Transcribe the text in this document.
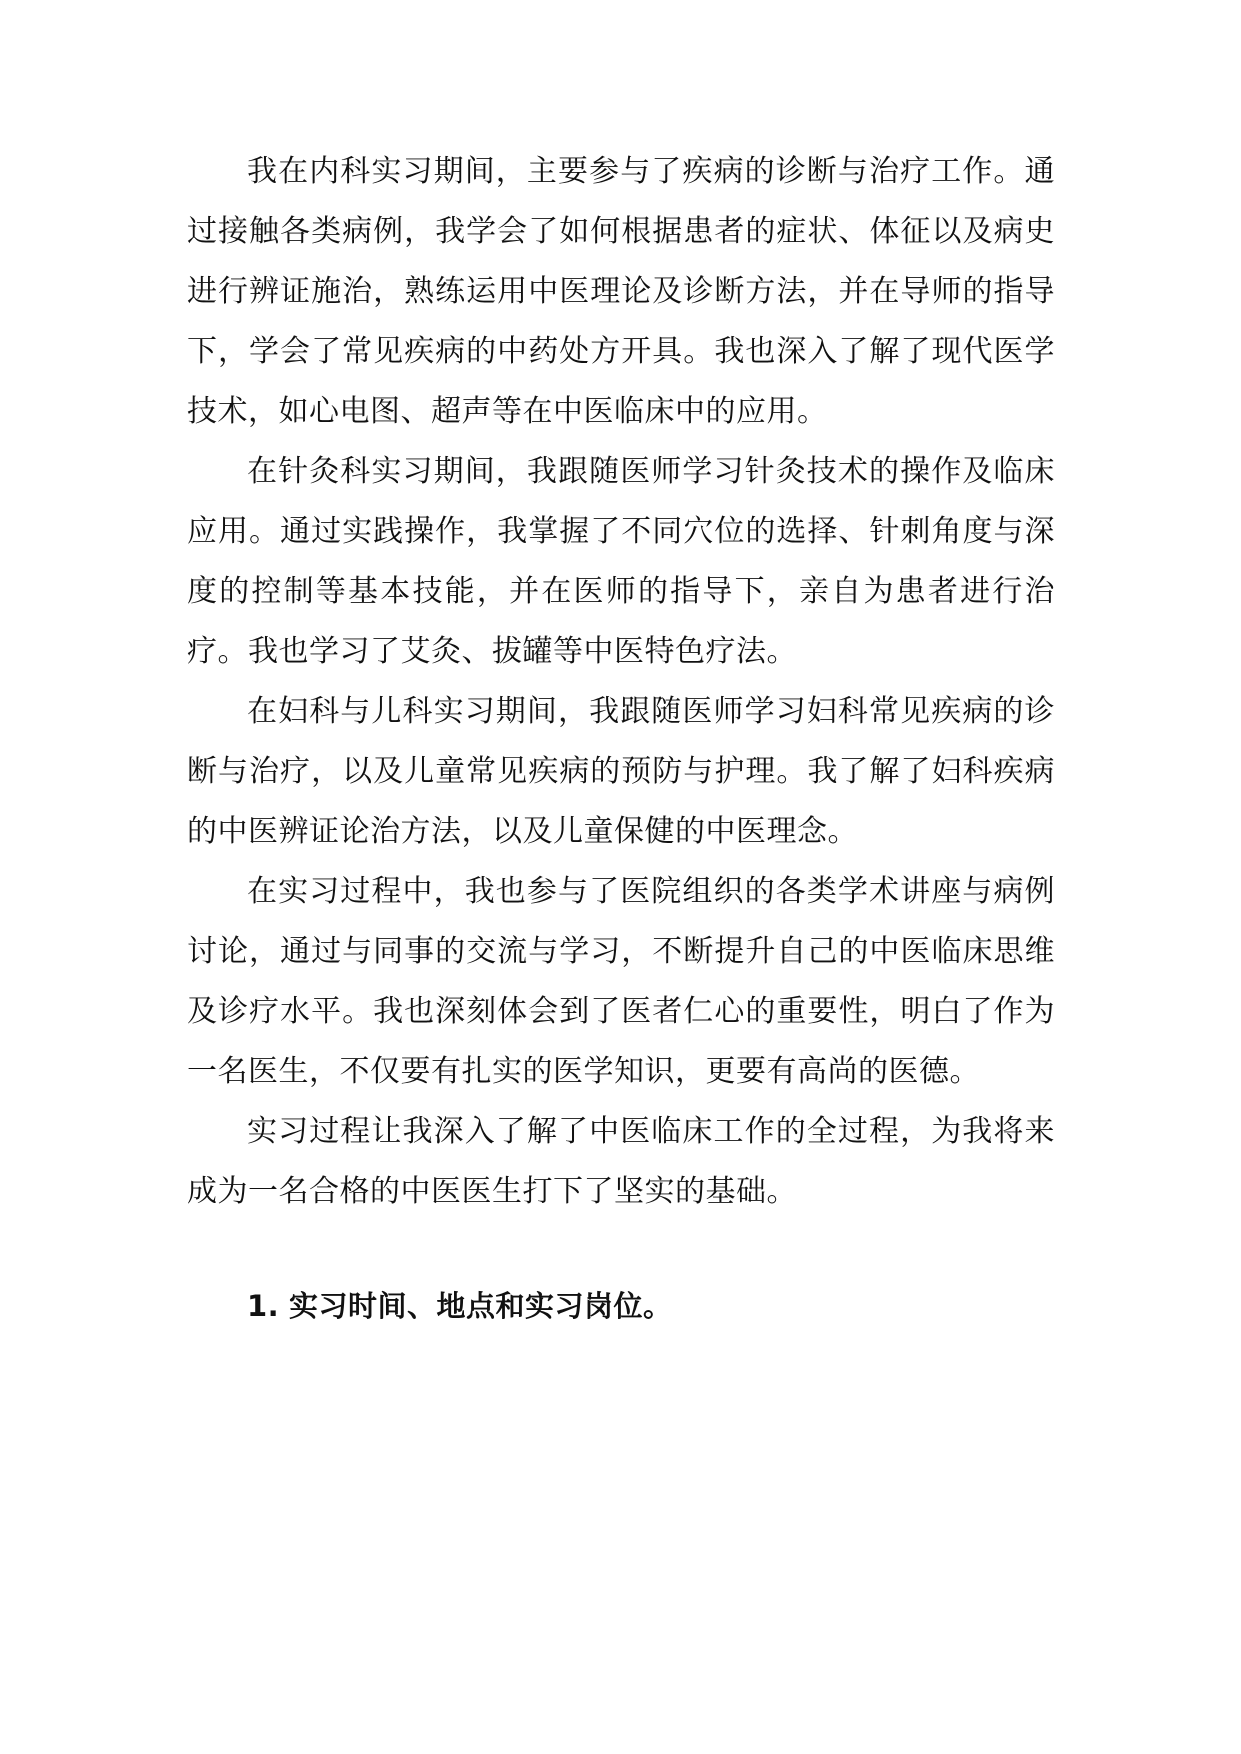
我在内科实习期间，主要参与了疾病的诊断与治疗工作。通过接触各类病例，我学会了如何根据患者的症状、体征以及病史进行辨证施治，熟练运用中医理论及诊断方法，并在导师的指导下，学会了常见疾病的中药处方开具。我也深入了解了现代医学技术，如心电图、超声等在中医临床中的应用。

在针灸科实习期间，我跟随医师学习针灸技术的操作及临床应用。通过实践操作，我掌握了不同穴位的选择、针刺角度与深度的控制等基本技能，并在医师的指导下，亲自为患者进行治疗。我也学习了艾灸、拔罐等中医特色疗法。

在妇科与儿科实习期间，我跟随医师学习妇科常见疾病的诊断与治疗，以及儿童常见疾病的预防与护理。我了解了妇科疾病的中医辨证论治方法，以及儿童保健的中医理念。

在实习过程中，我也参与了医院组织的各类学术讲座与病例讨论，通过与同事的交流与学习，不断提升自己的中医临床思维及诊疗水平。我也深刻体会到了医者仁心的重要性，明白了作为一名医生，不仅要有扎实的医学知识，更要有高尚的医德。

实习过程让我深入了解了中医临床工作的全过程，为我将来成为一名合格的中医医生打下了坚实的基础。

1. 实习时间、地点和实习岗位。
